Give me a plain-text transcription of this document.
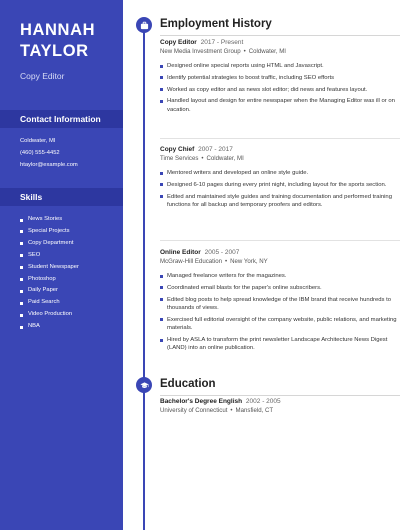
HANNAH
TAYLOR
Copy Editor
Contact Information
Coldwater, MI
(460) 555-4452
htaylor@example.com
Skills
News Stories
Special Projects
Copy Department
SEO
Student Newspaper
Photoshop
Daily Paper
Paid Search
Video Production
NBA
Employment History
Copy Editor 2017 - Present
New Media Investment Group • Coldwater, MI
Designed online special reports using HTML and Javascript.
Identify potential strategies to boost traffic, including SEO efforts
Worked as copy editor and as news slot editor; did news and features layout.
Handled layout and design for entire newspaper when the Managing Editor was ill or on vacation.
Copy Chief 2007 - 2017
Time Services • Coldwater, MI
Mentored writers and developed an online style guide.
Designed 6-10 pages during every print night, including layout for the sports section.
Edited and maintained style guides and training documentation and performed training functions for all backup and temporary proofers and editors.
Online Editor 2005 - 2007
McGraw-Hill Education • New York, NY
Managed freelance writers for the magazines.
Coordinated email blasts for the paper's online subscribers.
Edited blog posts to help spread knowledge of the IBM brand that receive hundreds to thousands of views.
Exercised full editorial oversight of the company website, public relations, and marketing materials.
Hired by ASLA to transform the print newsletter Landscape Architecture News Digest (LAND) into an online publication.
Education
Bachelor's Degree English 2002 - 2005
University of Connecticut • Mansfield, CT
